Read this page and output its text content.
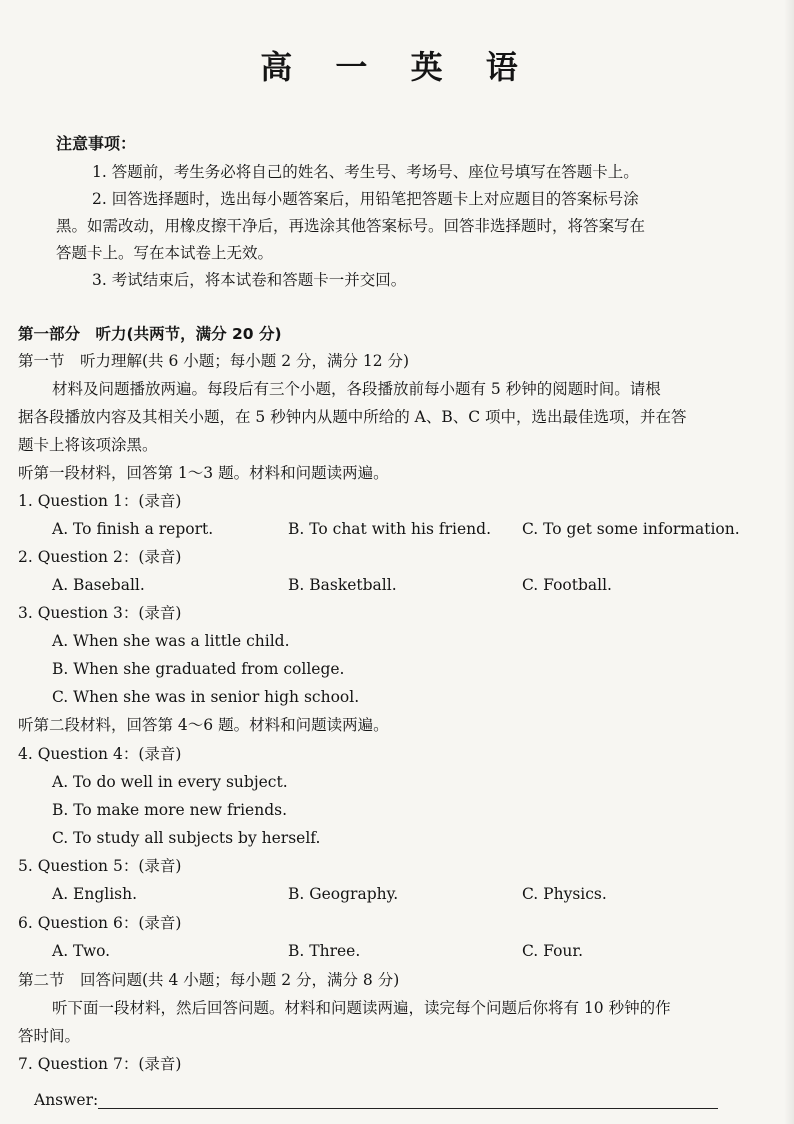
高 一 英 语
注意事项：
1. 答题前，考生务必将自己的姓名、考生号、考场号、座位号填写在答题卡上。
2. 回答选择题时，选出每小题答案后，用铅笔把答题卡上对应题目的答案标号涂
黑。如需改动，用橡皮擦干净后，再选涂其他答案标号。回答非选择题时，将答案写在
答题卡上。写在本试卷上无效。
3. 考试结束后，将本试卷和答题卡一并交回。
第一部分　听力(共两节，满分 20 分)
第一节　听力理解(共 6 小题；每小题 2 分，满分 12 分)
材料及问题播放两遍。每段后有三个小题，各段播放前每小题有 5 秒钟的阅题时间。请根
据各段播放内容及其相关小题，在 5 秒钟内从题中所给的 A、B、C 项中，选出最佳选项，并在答
题卡上将该项涂黑。
听第一段材料，回答第 1～3 题。材料和问题读两遍。
1. Question 1：(录音)
A. To finish a report.	B. To chat with his friend. C. To get some information.
2. Question 2：(录音)
A. Baseball.	B. Basketball.	C. Football.
3. Question 3：(录音)
A. When she was a little child.
B. When she graduated from college.
C. When she was in senior high school.
听第二段材料，回答第 4～6 题。材料和问题读两遍。
4. Question 4：(录音)
A. To do well in every subject.
B. To make more new friends.
C. To study all subjects by herself.
5. Question 5：(录音)
A. English.	B. Geography.	C. Physics.
6. Question 6：(录音)
A. Two.	B. Three.	C. Four.
第二节　回答问题(共 4 小题；每小题 2 分，满分 8 分)
听下面一段材料，然后回答问题。材料和问题读两遍，读完每个问题后你将有 10 秒钟的作
答时间。
7. Question 7：(录音)
Answer:
